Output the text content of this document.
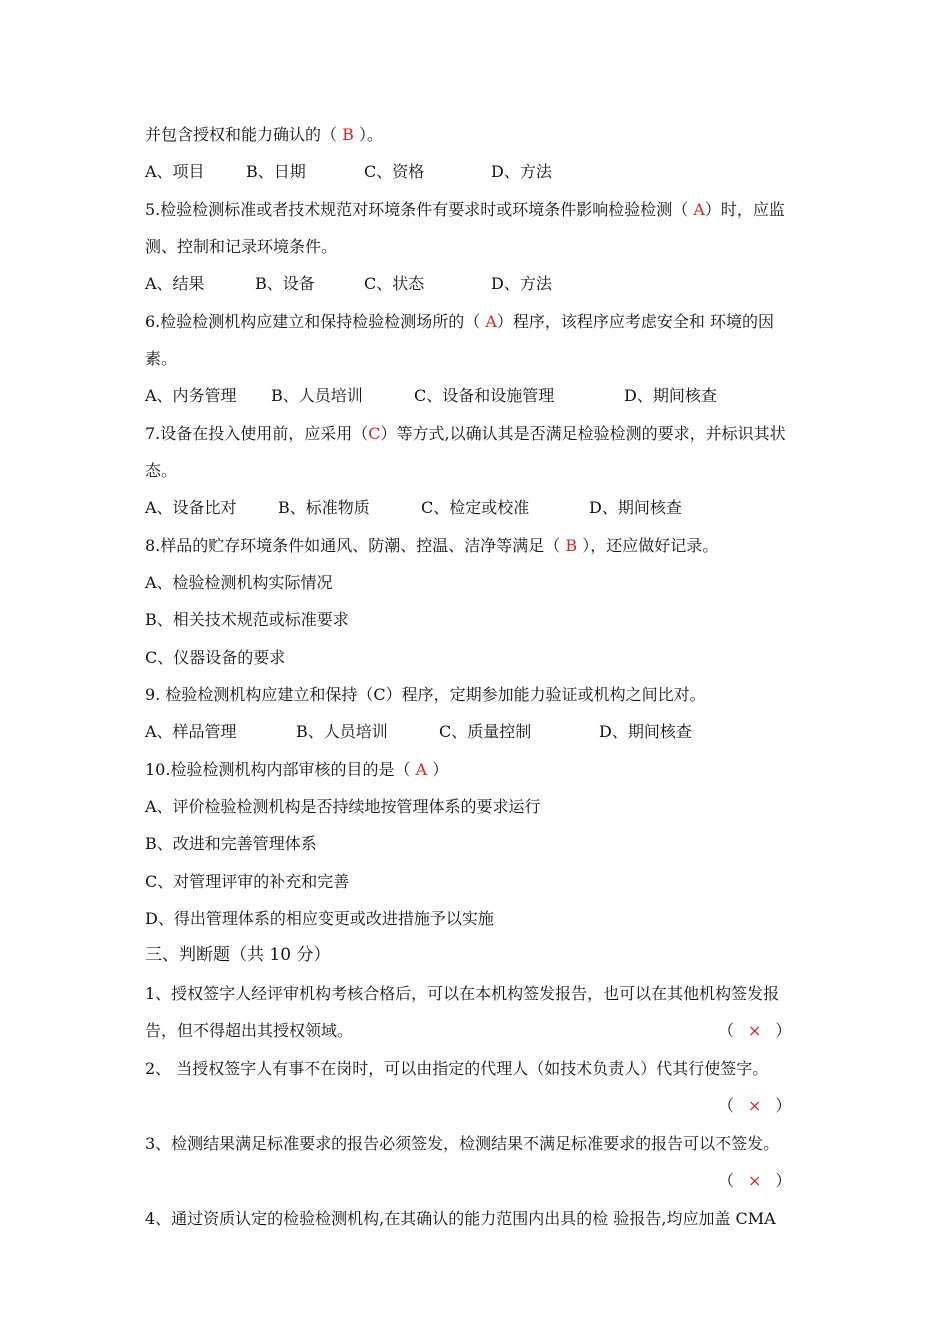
并包含授权和能力确认的（ B ）。
A、项目	B、日期	C、资格	D、方法
5.检验检测标准或者技术规范对环境条件有要求时或环境条件影响检验检测（ A）时，应监
测、控制和记录环境条件。
A、结果	B、设备	C、状态	D、方法
6.检验检测机构应建立和保持检验检测场所的（ A）程序，该程序应考虑安全和 环境的因
素。
A、内务管理 B、人员培训	C、设备和设施管理	D、期间核查
7.设备在投入使用前，应采用（C）等方式,以确认其是否满足检验检测的要求，并标识其状
态。
A、设备比对	B、标准物质	C、检定或校准	D、期间核查
8.样品的贮存环境条件如通风、防潮、控温、洁净等满足（ B ），还应做好记录。
A、检验检测机构实际情况
B、相关技术规范或标准要求
C、仪器设备的要求
9. 检验检测机构应建立和保持（C）程序，定期参加能力验证或机构之间比对。
A、样品管理	B、人员培训	C、质量控制	D、期间核查
10.检验检测机构内部审核的目的是（ A ）
A、评价检验检测机构是否持续地按管理体系的要求运行
B、改进和完善管理体系
C、对管理评审的补充和完善
D、得出管理体系的相应变更或改进措施予以实施
三、判断题（共 10 分）
1、授权签字人经评审机构考核合格后，可以在本机构签发报告，也可以在其他机构签发报
告，但不得超出其授权领域。	（ × ）
2、 当授权签字人有事不在岗时，可以由指定的代理人（如技术负责人）代其行使签字。
（ × ）
3、检测结果满足标准要求的报告必须签发，检测结果不满足标准要求的报告可以不签发。
（ × ）
4、通过资质认定的检验检测机构,在其确认的能力范围内出具的检 验报告,均应加盖 CMA
